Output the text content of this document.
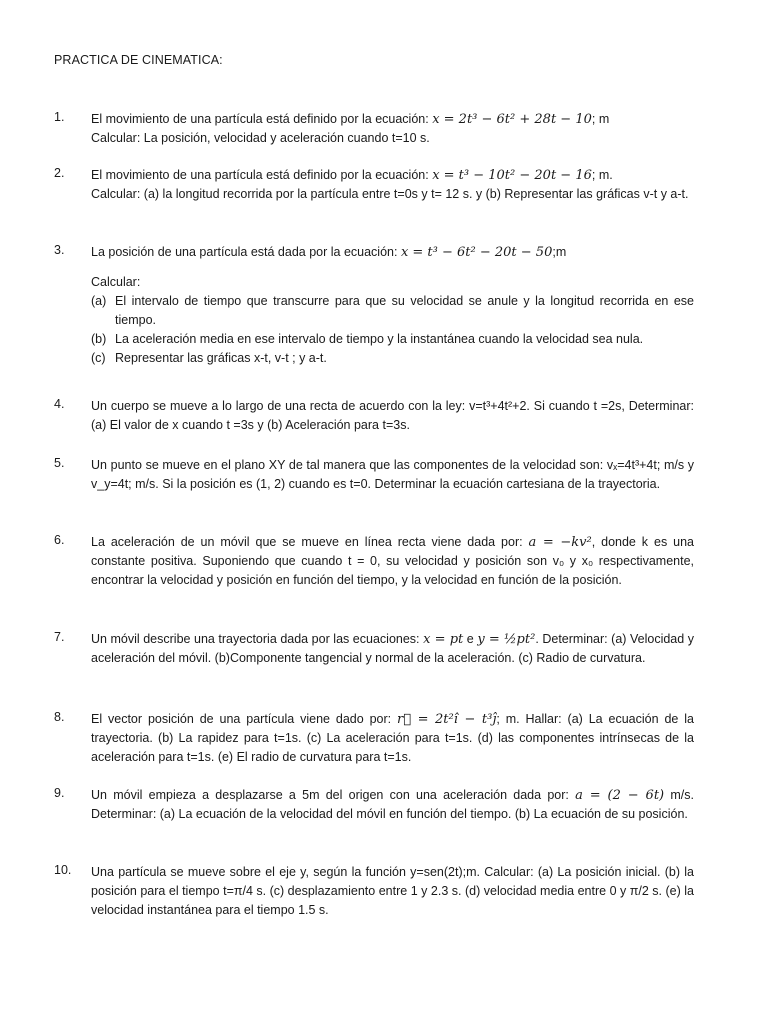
PRACTICA DE CINEMATICA:
1. El movimiento de una partícula está definido por la ecuación: x = 2t³ − 6t² + 28t − 10; m

Calcular: La posición, velocidad y aceleración cuando t=10 s.

2. El movimiento de una partícula está definido por la ecuación: x = t³ − 10t² − 20t − 16; m.

Calcular: (a) la longitud recorrida por la partícula entre t=0s y t= 12 s. y (b) Representar las gráficas v-t y a-t.

3. La posición de una partícula está dada por la ecuación: x = t³ − 6t² − 20t − 50;m

Calcular:

(a) El intervalo de tiempo que transcurre para que su velocidad se anule y la longitud recorrida en ese tiempo.
(b) La aceleración media en ese intervalo de tiempo y la instantánea cuando la velocidad sea nula.
(c) Representar las gráficas x-t, v-t ; y a-t.
4. Un cuerpo se mueve a lo largo de una recta de acuerdo con la ley: v=t³+4t²+2. Si cuando t =2s, Determinar: (a) El valor de x cuando t =3s y (b) Aceleración para t=3s.

5. Un punto se mueve en el plano XY de tal manera que las componentes de la velocidad son: vₓ=4t³+4t; m/s y v_y=4t; m/s. Si la posición es (1, 2) cuando es t=0. Determinar la ecuación cartesiana de la trayectoria.

6. La aceleración de un móvil que se mueve en línea recta viene dada por: a = −kv², donde k es una constante positiva. Suponiendo que cuando t = 0, su velocidad y posición son v₀ y x₀ respectivamente, encontrar la velocidad y posición en función del tiempo, y la velocidad en función de la posición.

7. Un móvil describe una trayectoria dada por las ecuaciones: x = pt e y = ½pt². Determinar: (a) Velocidad y aceleración del móvil. (b)Componente tangencial y normal de la aceleración. (c) Radio de curvatura.

8. El vector posición de una partícula viene dado por: r⃗ = 2t²î − t³ĵ; m. Hallar: (a) La ecuación de la trayectoria. (b) La rapidez para t=1s. (c) La aceleración para t=1s. (d) las componentes intrínsecas de la aceleración para t=1s. (e) El radio de curvatura para t=1s.

9. Un móvil empieza a desplazarse a 5m del origen con una aceleración dada por: a = (2 − 6t) m/s. Determinar: (a) La ecuación de la velocidad del móvil en función del tiempo. (b) La ecuación de su posición.

10. Una partícula se mueve sobre el eje y, según la función y=sen(2t);m. Calcular: (a) La posición inicial. (b) la posición para el tiempo t=π/4 s. (c) desplazamiento entre 1 y 2.3 s. (d) velocidad media entre 0 y π/2 s. (e) la velocidad instantánea para el tiempo 1.5 s.
